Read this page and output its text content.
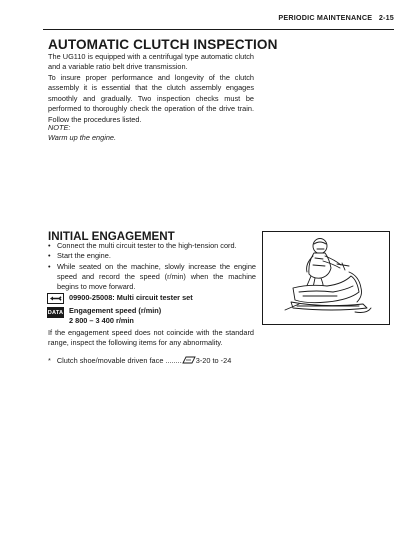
PERIODIC MAINTENANCE 2-15
AUTOMATIC CLUTCH INSPECTION
The UG110 is equipped with a centrifugal type automatic clutch and a variable ratio belt drive transmission.
To insure proper performance and longevity of the clutch assembly it is essential that the clutch assembly engages smoothly and gradually. Two inspection checks must be performed to thoroughly check the operation of the drive train. Follow the procedures listed.
NOTE:
Warm up the engine.
INITIAL ENGAGEMENT
• Connect the multi circuit tester to the high-tension cord.
• Start the engine.
• While seated on the machine, slowly increase the engine speed and record the speed (r/min) when the machine begins to move forward.
09900-25008: Multi circuit tester set
DATA Engagement speed (r/min)
2 800 – 3 400 r/min
If the engagement speed does not coincide with the standard range, inspect the following items for any abnormality.
* Clutch shoe/movable driven face ........ 3-20 to -24
